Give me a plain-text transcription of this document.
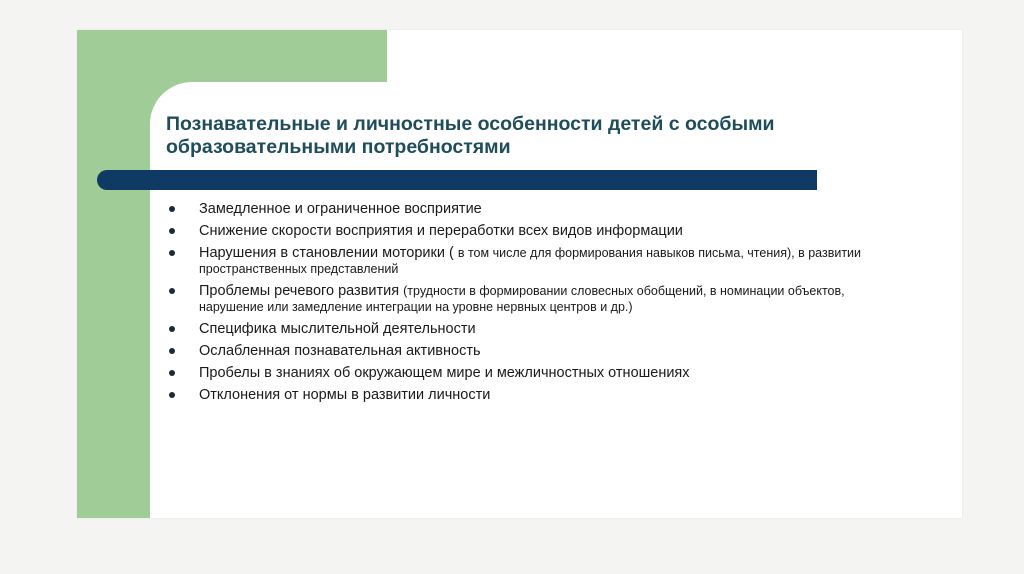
Познавательные и личностные особенности детей с особыми образовательными потребностями
Замедленное и ограниченное восприятие
Снижение скорости восприятия и переработки всех видов информации
Нарушения в становлении моторики ( в том числе для формирования навыков письма, чтения), в развитии пространственных представлений
Проблемы речевого развития (трудности в формировании словесных обобщений, в номинации объектов, нарушение или замедление интеграции на уровне нервных центров и др.)
Специфика мыслительной деятельности
Ослабленная познавательная активность
Пробелы в знаниях об окружающем мире и межличностных отношениях
Отклонения от нормы в развитии личности
